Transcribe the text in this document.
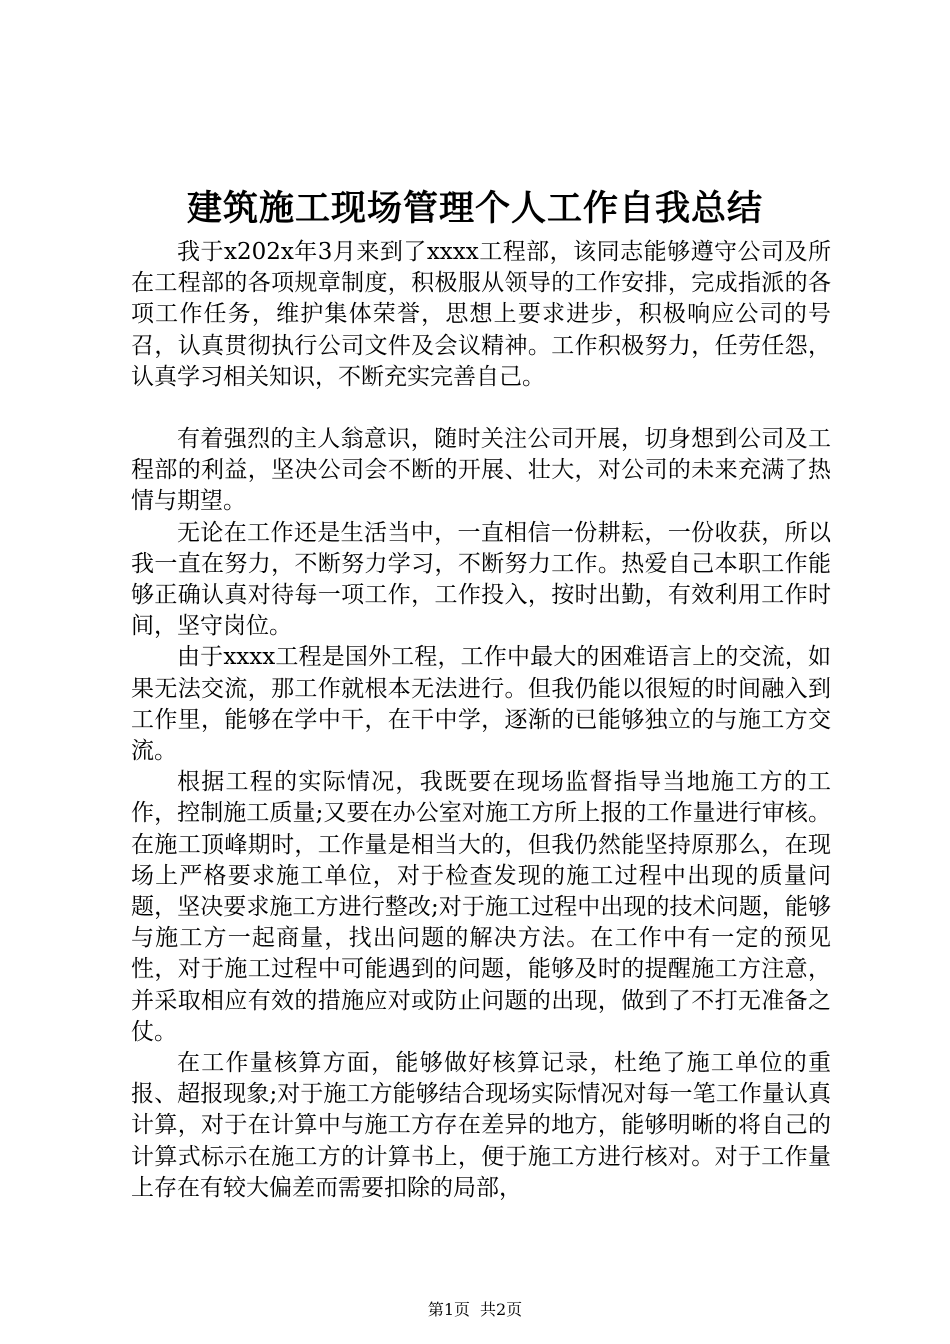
建筑施工现场管理个人工作自我总结

我于x202x年3月来到了xxxx工程部，该同志能够遵守公司及所在工程部的各项规章制度，积极服从领导的工作安排，完成指派的各项工作任务，维护集体荣誉，思想上要求进步，积极响应公司的号召，认真贯彻执行公司文件及会议精神。工作积极努力，任劳任怨，认真学习相关知识，不断充实完善自己。

有着强烈的主人翁意识，随时关注公司开展，切身想到公司及工程部的利益，坚决公司会不断的开展、壮大，对公司的未来充满了热情与期望。

无论在工作还是生活当中，一直相信一份耕耘，一份收获，所以我一直在努力，不断努力学习，不断努力工作。热爱自己本职工作能够正确认真对待每一项工作，工作投入，按时出勤，有效利用工作时间，坚守岗位。

由于xxxx工程是国外工程，工作中最大的困难语言上的交流，如果无法交流，那工作就根本无法进行。但我仍能以很短的时间融入到工作里，能够在学中干，在干中学，逐渐的已能够独立的与施工方交流。

根据工程的实际情况，我既要在现场监督指导当地施工方的工作，控制施工质量;又要在办公室对施工方所上报的工作量进行审核。在施工顶峰期时，工作量是相当大的，但我仍然能坚持原那么，在现场上严格要求施工单位，对于检查发现的施工过程中出现的质量问题，坚决要求施工方进行整改;对于施工过程中出现的技术问题，能够与施工方一起商量，找出问题的解决方法。在工作中有一定的预见性，对于施工过程中可能遇到的问题，能够及时的提醒施工方注意，并采取相应有效的措施应对或防止问题的出现，做到了不打无准备之仗。

在工作量核算方面，能够做好核算记录，杜绝了施工单位的重报、超报现象;对于施工方能够结合现场实际情况对每一笔工作量认真计算，对于在计算中与施工方存在差异的地方，能够明晰的将自己的计算式标示在施工方的计算书上，便于施工方进行核对。对于工作量上存在有较大偏差而需要扣除的局部，

第1页 共2页
